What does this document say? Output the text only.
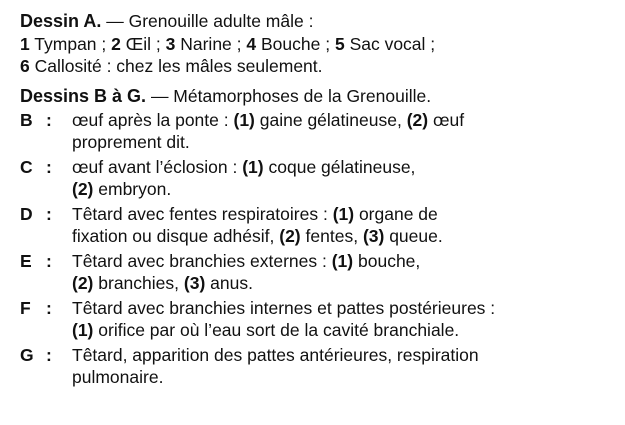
Dessin A. — Grenouille adulte mâle :
1 Tympan ; 2 Œil ; 3 Narine ; 4 Bouche ; 5 Sac vocal ;
6 Callosité : chez les mâles seulement.
Dessins B à G. — Métamorphoses de la Grenouille.
B : œuf après la ponte : (1) gaine gélatineuse, (2) œuf
proprement dit.
C : œuf avant l’éclosion : (1) coque gélatineuse,
(2) embryon.
D : Têtard avec fentes respiratoires : (1) organe de
fixation ou disque adhésif, (2) fentes, (3) queue.
E : Têtard avec branchies externes : (1) bouche,
(2) branchies, (3) anus.
F : Têtard avec branchies internes et pattes postérieures :
(1) orifice par où l’eau sort de la cavité branchiale.
G : Têtard, apparition des pattes antérieures, respiration
pulmonaire.
